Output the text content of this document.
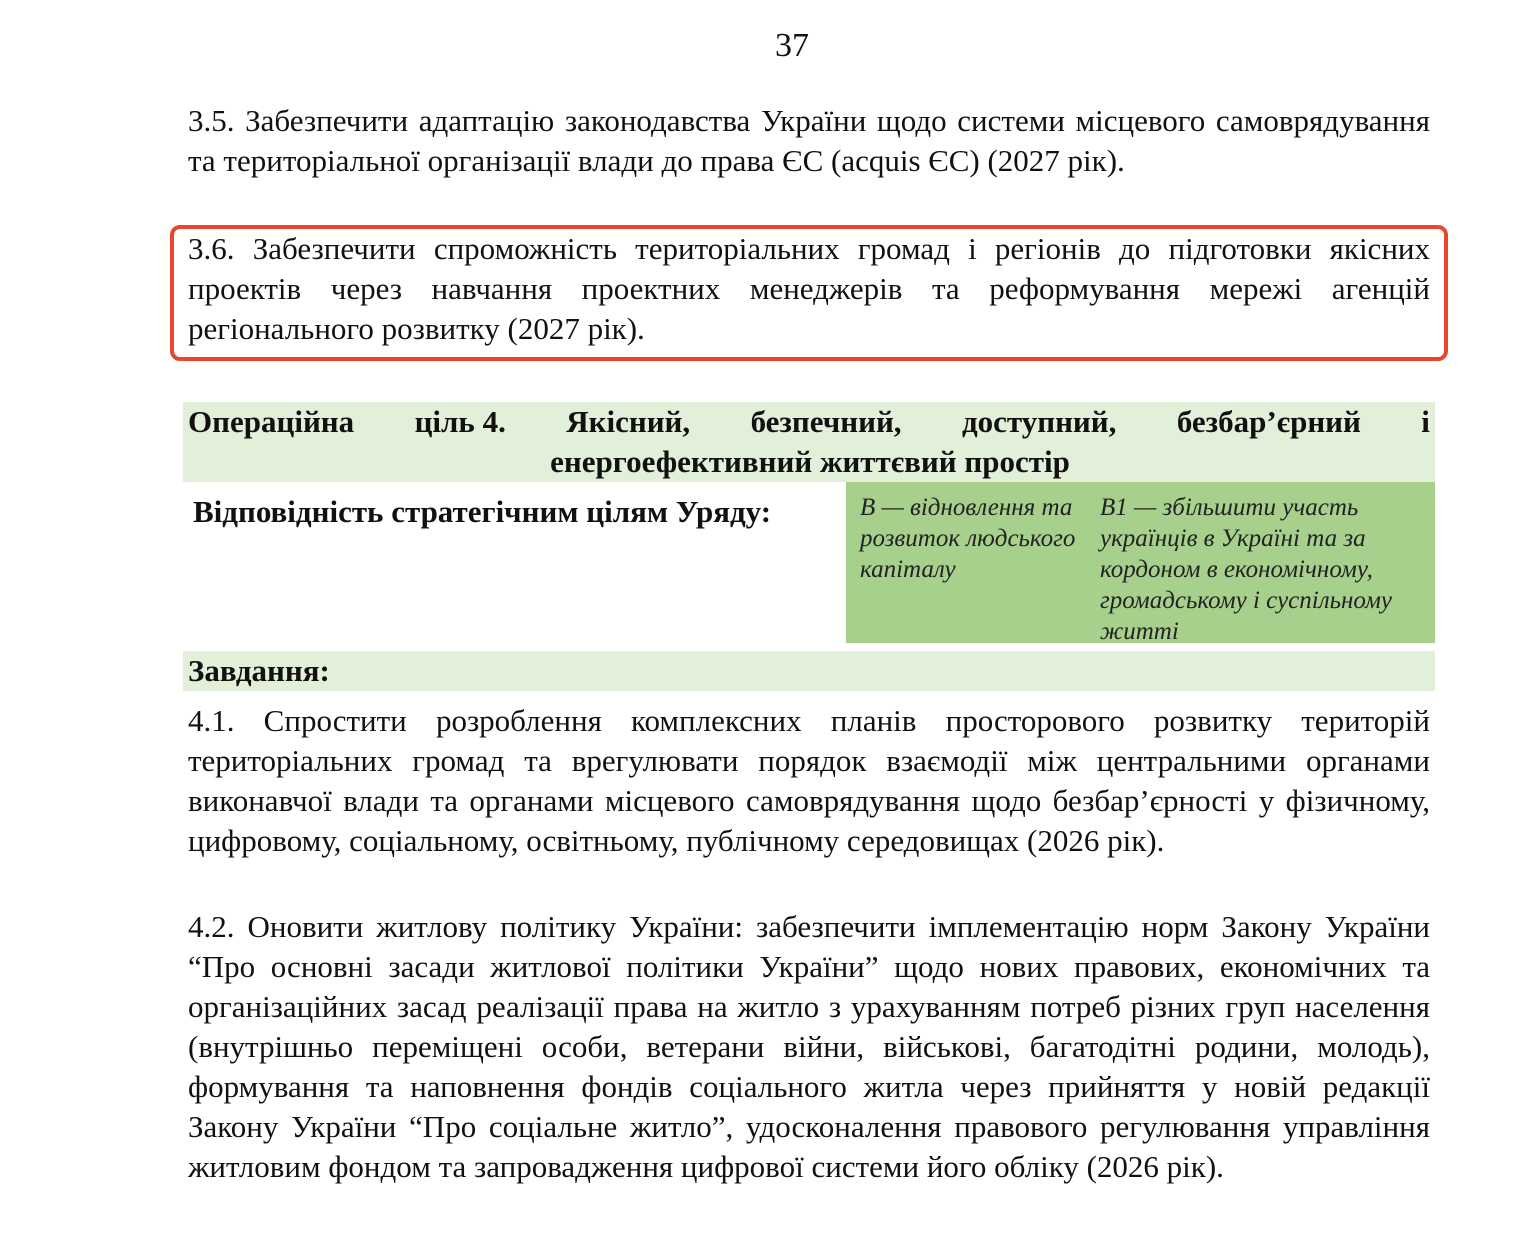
37
3.5. Забезпечити адаптацію законодавства України щодо системи місцевого самоврядування та територіальної організації влади до права ЄС (acquis ЄС) (2027 рік).
3.6. Забезпечити спроможність територіальних громад і регіонів до підготовки якісних проектів через навчання проектних менеджерів та реформування мережі агенцій регіонального розвитку (2027 рік).
Операційна ціль 4. Якісний, безпечний, доступний, безбар’єрний і
енергоефективний життєвий простір
Відповідність стратегічним цілям Уряду:	В — відновлення та розвиток людського капіталу
В1 — збільшити участь українців в Україні та за кордоном в економічному, громадському і суспільному житті
Завдання:
4.1. Спростити розроблення комплексних планів просторового розвитку територій територіальних громад та врегулювати порядок взаємодії між центральними органами виконавчої влади та органами місцевого самоврядування щодо безбар’єрності у фізичному, цифровому, соціальному, освітньому, публічному середовищах (2026 рік).
4.2. Оновити житлову політику України: забезпечити імплементацію норм Закону України “Про основні засади житлової політики України” щодо нових правових, економічних та організаційних засад реалізації права на житло з урахуванням потреб різних груп населення (внутрішньо переміщені особи, ветерани війни, військові, багатодітні родини, молодь), формування та наповнення фондів соціального житла через прийняття у новій редакції Закону України “Про соціальне житло”, удосконалення правового регулювання управління житловим фондом та запровадження цифрової системи його обліку (2026 рік).
